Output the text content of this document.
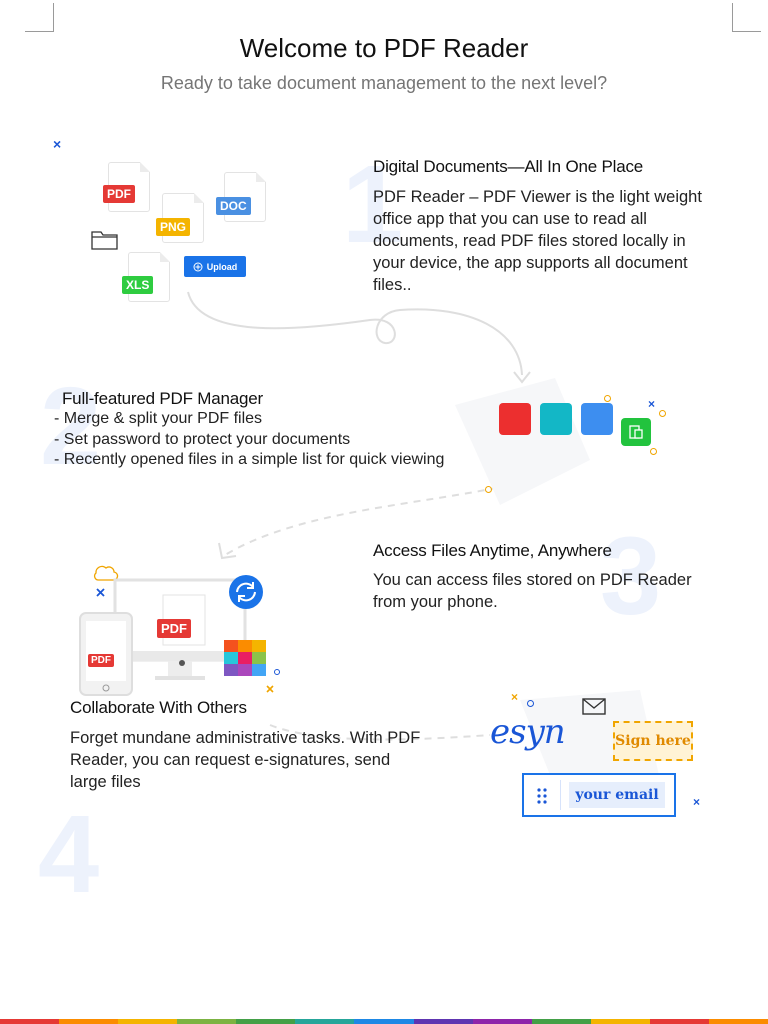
Welcome to PDF Reader
Ready to take document management to the next level?
1
2
3
4
×
PDF
PNG
DOC
XLS
Upload
Digital Documents—All In One Place
PDF Reader – PDF Viewer is the light weight
office app that you can use to read all
documents, read PDF files stored locally in
your device, the app supports all document
files..
Full-featured PDF Manager
- Merge & split your PDF files
- Set password to protect your documents
- Recently opened files in a simple list for quick viewing
×
Access Files Anytime, Anywhere
You can access files stored on PDF Reader
from your phone.
PDF
PDF
Collaborate With Others
Forget mundane administrative tasks. With PDF
Reader, you can request e-signatures, send
large files
×
esyn	Sign here
your email	×
